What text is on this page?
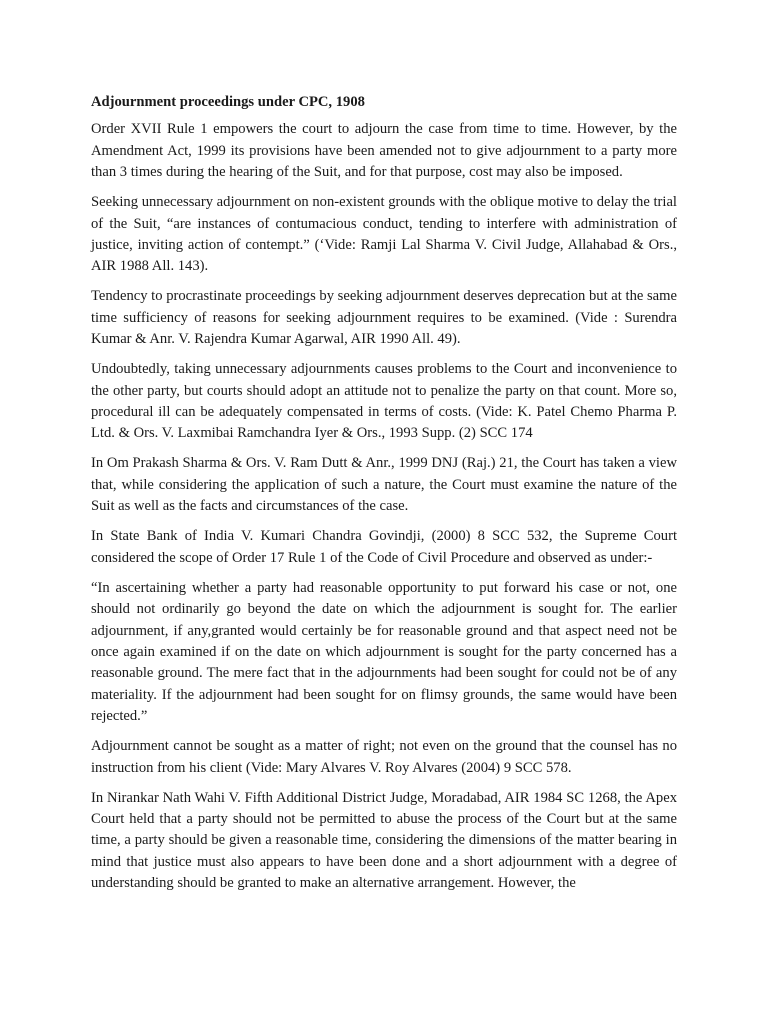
Adjournment proceedings under CPC, 1908

Order XVII Rule 1 empowers the court to adjourn the case from time to time. However, by the Amendment Act, 1999 its provisions have been amended not to give adjournment to a party more than 3 times during the hearing of the Suit, and for that purpose, cost may also be imposed.

Seeking unnecessary adjournment on non-existent grounds with the oblique motive to delay the trial of the Suit, “are instances of contumacious conduct, tending to interfere with administration of justice, inviting action of contempt.” (‘Vide: Ramji Lal Sharma V. Civil Judge, Allahabad & Ors., AIR 1988 All. 143).

Tendency to procrastinate proceedings by seeking adjournment deserves deprecation but at the same time sufficiency of reasons for seeking adjournment requires to be examined. (Vide : Surendra Kumar & Anr. V. Rajendra Kumar Agarwal, AIR 1990 All. 49).

Undoubtedly, taking unnecessary adjournments causes problems to the Court and inconvenience to the other party, but courts should adopt an attitude not to penalize the party on that count. More so, procedural ill can be adequately compensated in terms of costs. (Vide: K. Patel Chemo Pharma P. Ltd. & Ors. V. Laxmibai Ramchandra Iyer & Ors., 1993 Supp. (2) SCC 174

In Om Prakash Sharma & Ors. V. Ram Dutt & Anr., 1999 DNJ (Raj.) 21, the Court has taken a view that, while considering the application of such a nature, the Court must examine the nature of the Suit as well as the facts and circumstances of the case.

In State Bank of India V. Kumari Chandra Govindji, (2000) 8 SCC 532, the Supreme Court considered the scope of Order 17 Rule 1 of the Code of Civil Procedure and observed as under:-

“In ascertaining whether a party had reasonable opportunity to put forward his case or not, one should not ordinarily go beyond the date on which the adjournment is sought for. The earlier adjournment, if any,granted would certainly be for reasonable ground and that aspect need not be once again examined if on the date on which adjournment is sought for the party concerned has a reasonable ground. The mere fact that in the adjournments had been sought for could not be of any materiality. If the adjournment had been sought for on flimsy grounds, the same would have been rejected.”

Adjournment cannot be sought as a matter of right; not even on the ground that the counsel has no instruction from his client (Vide: Mary Alvares V. Roy Alvares (2004) 9 SCC 578.

In Nirankar Nath Wahi V. Fifth Additional District Judge, Moradabad, AIR 1984 SC 1268, the Apex Court held that a party should not be permitted to abuse the process of the Court but at the same time, a party should be given a reasonable time, considering the dimensions of the matter bearing in mind that justice must also appears to have been done and a short adjournment with a degree of understanding should be granted to make an alternative arrangement. However, the
